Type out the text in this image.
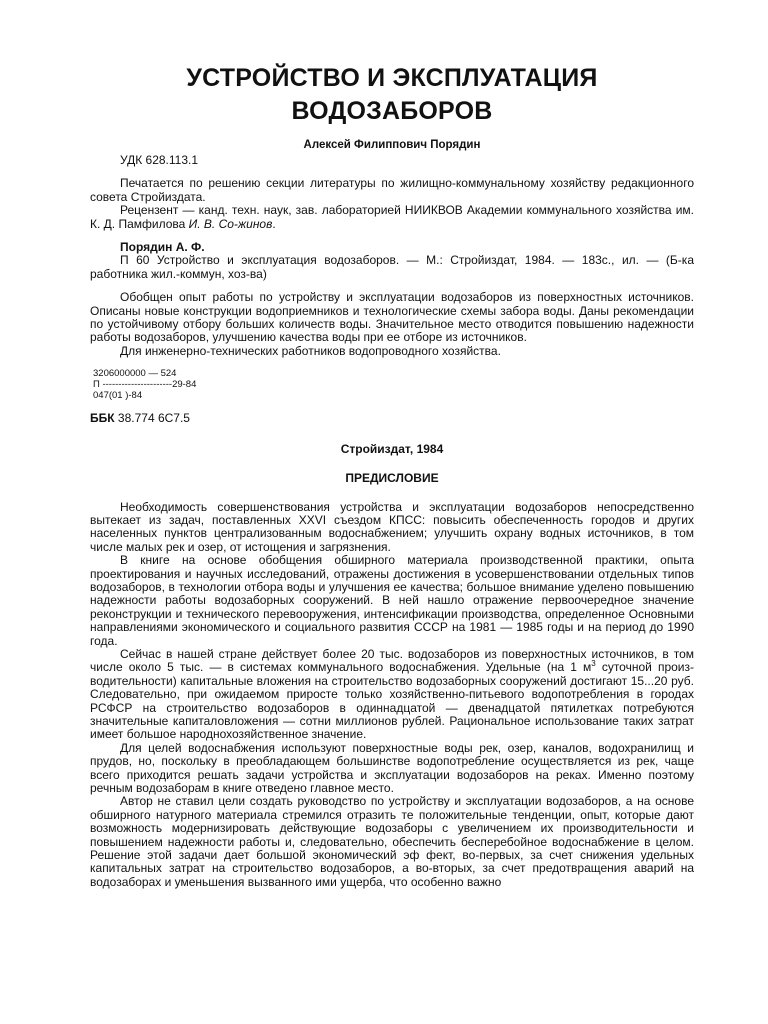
УСТРОЙСТВО И ЭКСПЛУАТАЦИЯ
ВОДОЗАБОРОВ
Алексей Филиппович Порядин

УДК 628.113.1

Печатается по решению секции литературы по жилищно-коммунальному хозяйству редакционного совета Стройиздата.

Рецензент — канд. техн. наук, зав. лабораторией НИИКВОВ Академии коммунального хозяйства им. К. Д. Памфилова И. В. Со-жинов.

Порядин А. Ф.

П 60 Устройство и эксплуатация водозаборов. — М.: Стройиздат, 1984. — 183с., ил. — (Б-ка работника жил.-коммун, хоз-ва)

Обобщен опыт работы по устройству и эксплуатации водозаборов из поверхностных источников. Описаны новые конструкции водоприемников и технологические схемы забора воды. Даны рекомендации по устойчивому отбору больших количеств воды. Значительное место отводится повышению надежности работы водозаборов, улучшению качества воды при ее отборе из источников.

Для инженерно-технических работников водопроводного хозяйства.

3206000000 — 524

П ----------------------29-84

047(01 )-84

ББК 38.774 6С7.5

Стройиздат, 1984

ПРЕДИСЛОВИЕ

Необходимость совершенствования устройства и эксплуатации водозаборов непосредственно вытекает из задач, поставленных XXVI съездом КПСС: повысить обеспеченность городов и других населенных пунктов централизованным водоснабжением; улучшить охрану водных источников, в том числе малых рек и озер, от истощения и загрязнения.

В книге на основе обобщения обширного материала производственной практики, опыта проектирования и научных исследований, отражены достижения в усовершенствовании отдельных типов водозаборов, в технологии отбора воды и улучшения ее качества; большое внимание уделено повышению надежности работы водозаборных сооружений. В ней нашло отражение первоочередное значение реконструкции и технического перевооружения, интенсификации производства, определенное Основными направлениями экономического и социального развития СССР на 1981 — 1985 годы и на период до 1990 года.

Сейчас в нашей стране действует более 20 тыс. водозаборов из поверхностных источников, в том числе около 5 тыс. — в системах коммунального водоснабжения. Удельные (на 1 $м^3$ суточной произ-водительности) капитальные вложения на строительство водозаборных сооружений достигают 15...20 руб. Следовательно, при ожидаемом приросте только хозяйственно-питьевого водопотребления в городах РСФСР на строительство водозаборов в одиннадцатой — двенадцатой пятилетках потребуются значительные капиталовложения — сотни миллионов рублей. Рациональное использование таких затрат имеет большое народнохозяйственное значение.

Для целей водоснабжения используют поверхностные воды рек, озер, каналов, водохранилищ и прудов, но, поскольку в преобладающем большинстве водопотребление осуществляется из рек, чаще всего приходится решать задачи устройства и эксплуатации водозаборов на реках. Именно поэтому речным водозаборам в книге отведено главное место.

Автор не ставил цели создать руководство по устройству и эксплуатации водозаборов, а на основе обширного натурного материала стремился отразить те положительные тенденции, опыт, которые дают возможность модернизировать действующие водозаборы с увеличением их производительности и повышением надежности работы и, следовательно, обеспечить бесперебойное водоснабжение в целом. Решение этой задачи дает большой экономический эф фект, во-первых, за счет снижения удельных капитальных затрат на строительство водозаборов, а во-вторых, за счет предотвращения аварий на водозаборах и уменьшения вызванного ими ущерба, что особенно важно
